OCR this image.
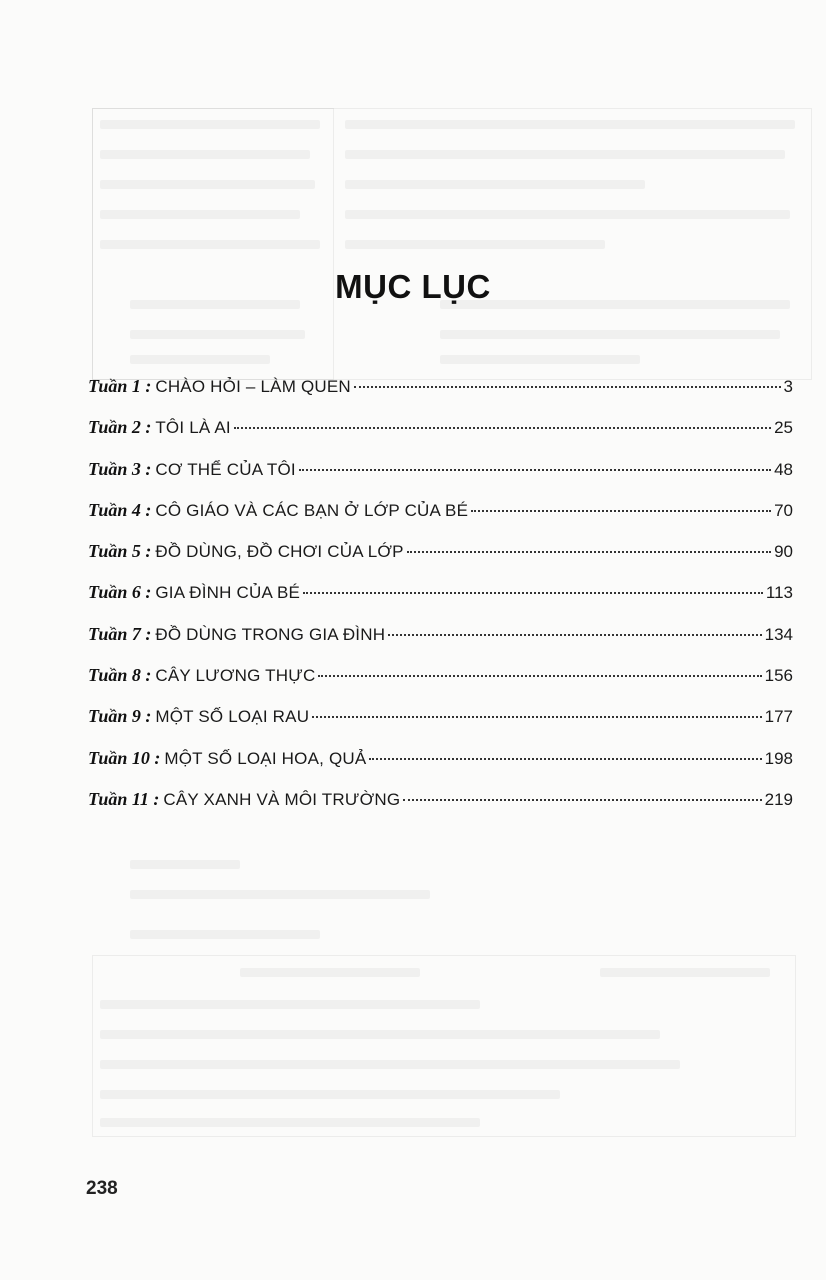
MỤC LỤC
Tuần 1 : CHÀO HỎI – LÀM QUEN	3
Tuần 2 : TÔI LÀ AI	25
Tuần 3 : CƠ THỂ CỦA TÔI	48
Tuần 4 : CÔ GIÁO VÀ CÁC BẠN Ở LỚP CỦA BÉ	70
Tuần 5 : ĐỒ DÙNG, ĐỒ CHƠI CỦA LỚP	90
Tuần 6 : GIA ĐÌNH CỦA BÉ	113
Tuần 7 : ĐỒ DÙNG TRONG GIA ĐÌNH	134
Tuần 8 : CÂY LƯƠNG THỰC	156
Tuần 9 : MỘT SỐ LOẠI RAU	177
Tuần 10 : MỘT SỐ LOẠI HOA, QUẢ	198
Tuần 11 : CÂY XANH VÀ MÔI TRƯỜNG	219
238
